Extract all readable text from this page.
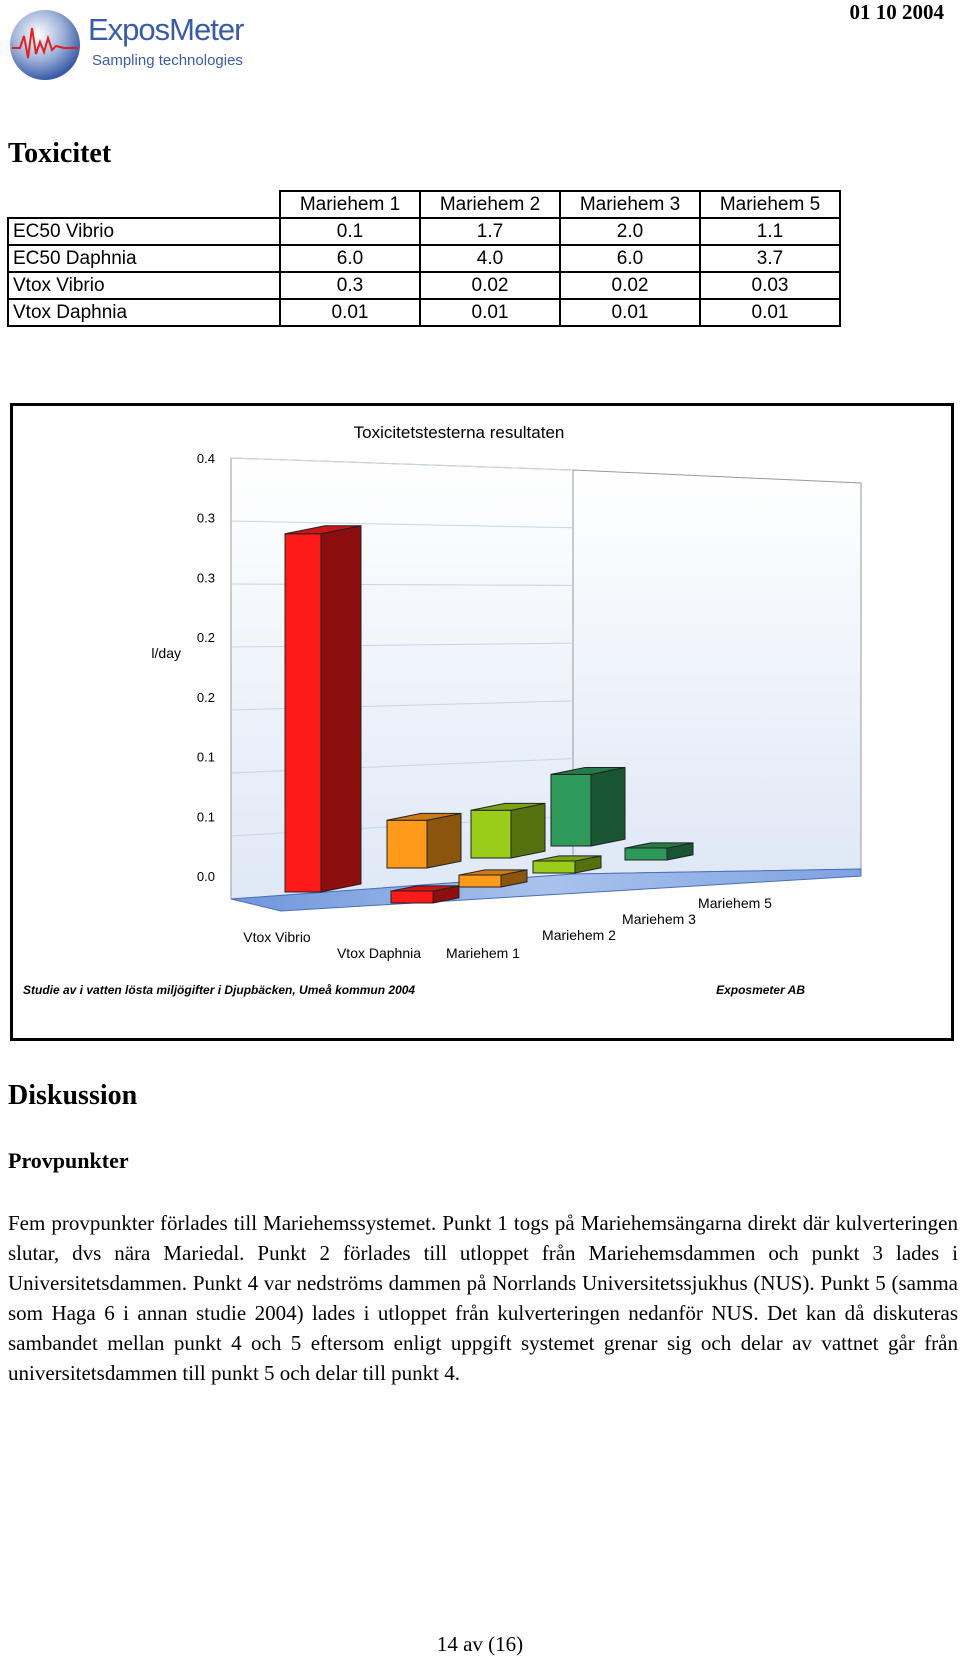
ExposMeter
Sampling technologies
01 10 2004
Toxicitet
	Mariehem 1	Mariehem 2	Mariehem 3	Mariehem 5
EC50 Vibrio	0.1	1.7	2.0	1.1
EC50 Daphnia	6.0	4.0	6.0	3.7
Vtox Vibrio	0.3	0.02	0.02	0.03
Vtox Daphnia	0.01	0.01	0.01	0.01
0.4
0.3
0.3
0.2
0.2
0.1
0.1
0.0
l/day
Toxicitetstesterna resultaten
Vtox Vibrio
Vtox Daphnia Mariehem 1
Mariehem 2
Mariehem 3
Mariehem 5
Studie av i vatten lösta miljögifter i Djupbäcken, Umeå kommun 2004	Exposmeter AB
Diskussion
Provpunkter

Fem provpunkter förlades till Mariehemssystemet. Punkt 1 togs på Mariehemsängarna direkt där kulverteringen slutar, dvs nära Mariedal. Punkt 2 förlades till utloppet från Mariehemsdammen och punkt 3 lades i Universitetsdammen. Punkt 4 var nedströms dammen på Norrlands Universitetssjukhus (NUS). Punkt 5 (samma som Haga 6 i annan studie 2004) lades i utloppet från kulverteringen nedanför NUS. Det kan då diskuteras sambandet mellan punkt 4 och 5 eftersom enligt uppgift systemet grenar sig och delar av vattnet går från universitetsdammen till punkt 5 och delar till punkt 4.

14 av (16)
